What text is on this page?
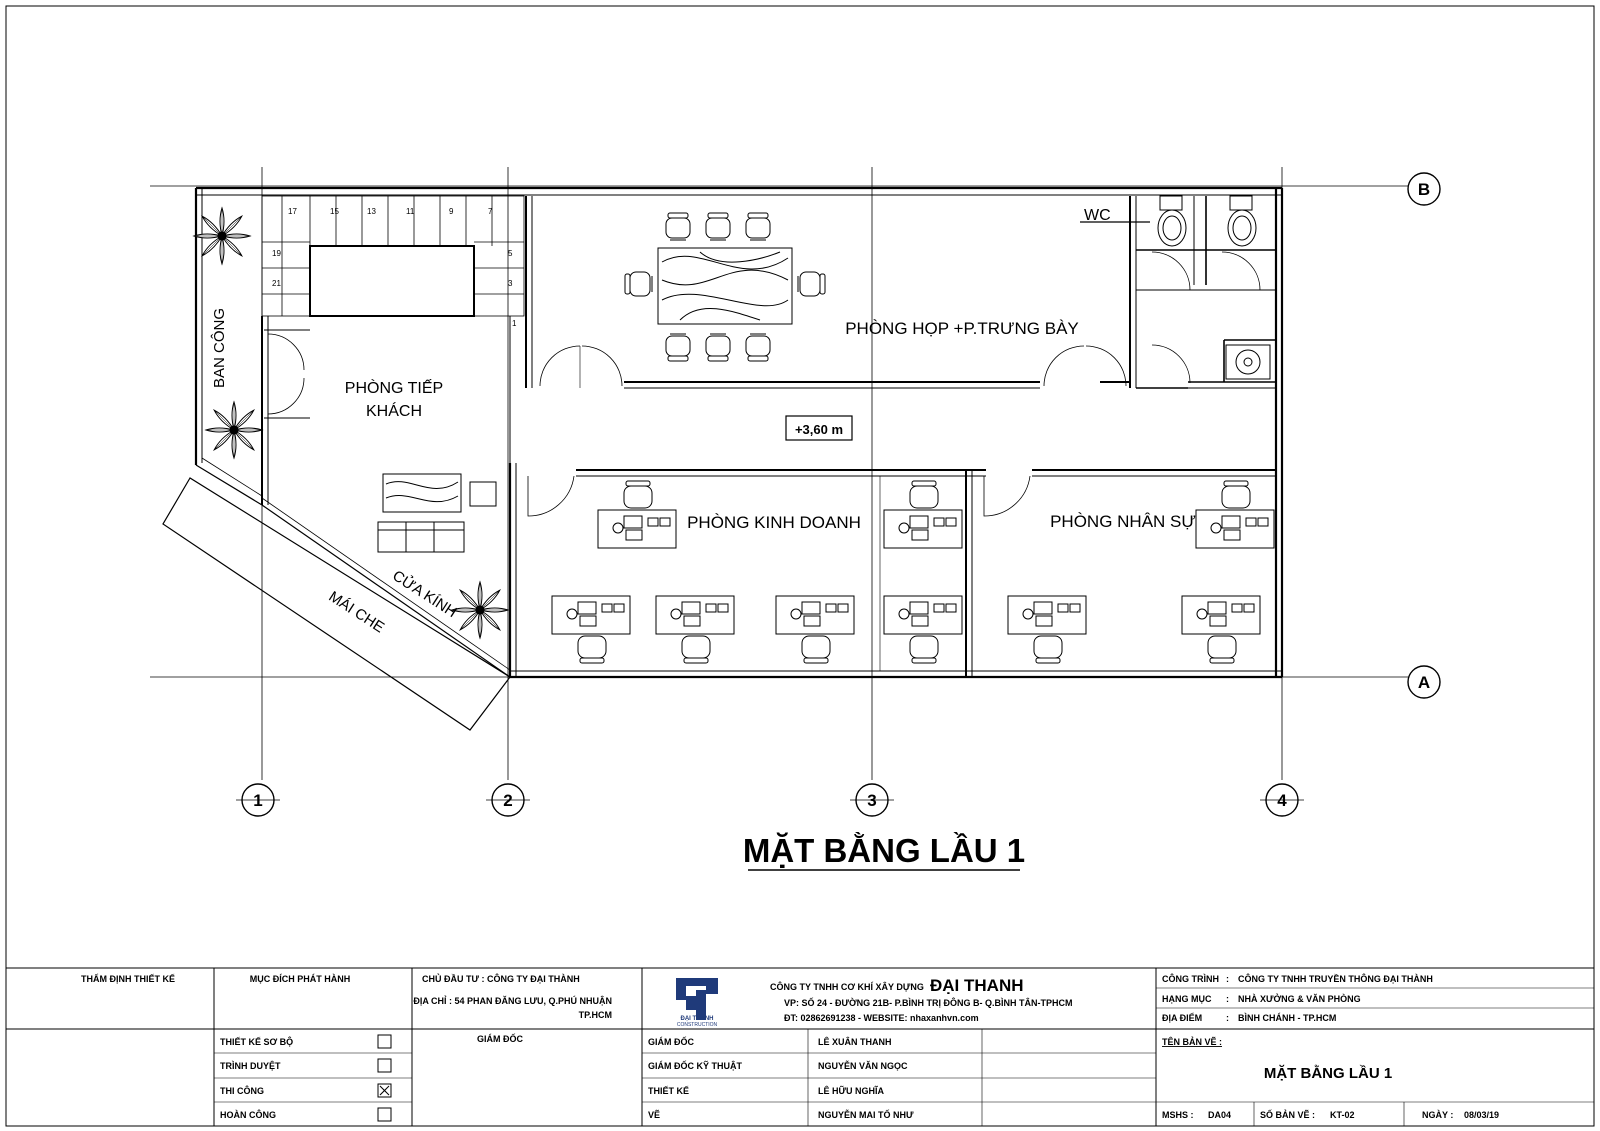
17	15	13	11	9	7
5
3
1
19
21
BAN CÔNG
PHÒNG TIẾP
KHÁCH
MÁI CHE CỬA KÍNH
PHÒNG HỌP +P.TRƯNG BÀY
WC
PHÒNG KINH DOANH	PHÒNG NHÂN SỰ
+3,60 m
1	2	3	4
B
A
MẶT BẰNG LẦU 1
ĐẠI THANH
CONSTRUCTION
THẨM ĐỊNH THIẾT KẾ	MỤC ĐÍCH PHÁT HÀNH	CHỦ ĐẦU TƯ : CÔNG TY ĐẠI THÀNH
ĐỊA CHỈ : 54 PHAN ĐĂNG LƯU, Q.PHÚ NHUẬN
TP.HCM
GIÁM ĐỐC
THIẾT KẾ SƠ BỘ
TRÌNH DUYỆT
THI CÔNG
HOÀN CÔNG
CÔNG TY TNHH CƠ KHÍ XÂY DỰNG ĐẠI THANH
VP: SỐ 24 - ĐƯỜNG 21B- P.BÌNH TRỊ ĐÔNG B- Q.BÌNH TÂN-TPHCM
ĐT: 02862691238 - WEBSITE: nhaxanhvn.com
GIÁM ĐỐC	LÊ XUÂN THANH
GIÁM ĐỐC KỸ THUẬT	NGUYỄN VĂN NGỌC
THIẾT KẾ	LÊ HỮU NGHĨA
VẼ	NGUYỄN MAI TỐ NHƯ
CÔNG TRÌNH : CÔNG TY TNHH TRUYỀN THÔNG ĐẠI THÀNH
HẠNG MỤC : NHÀ XƯỞNG & VĂN PHÒNG
ĐỊA ĐIỂM	: BÌNH CHÁNH - TP.HCM
TÊN BẢN VẼ :
MẶT BẰNG LẦU 1
MSHS : DA04	SỐ BẢN VẼ : KT-02	NGÀY : 08/03/19
